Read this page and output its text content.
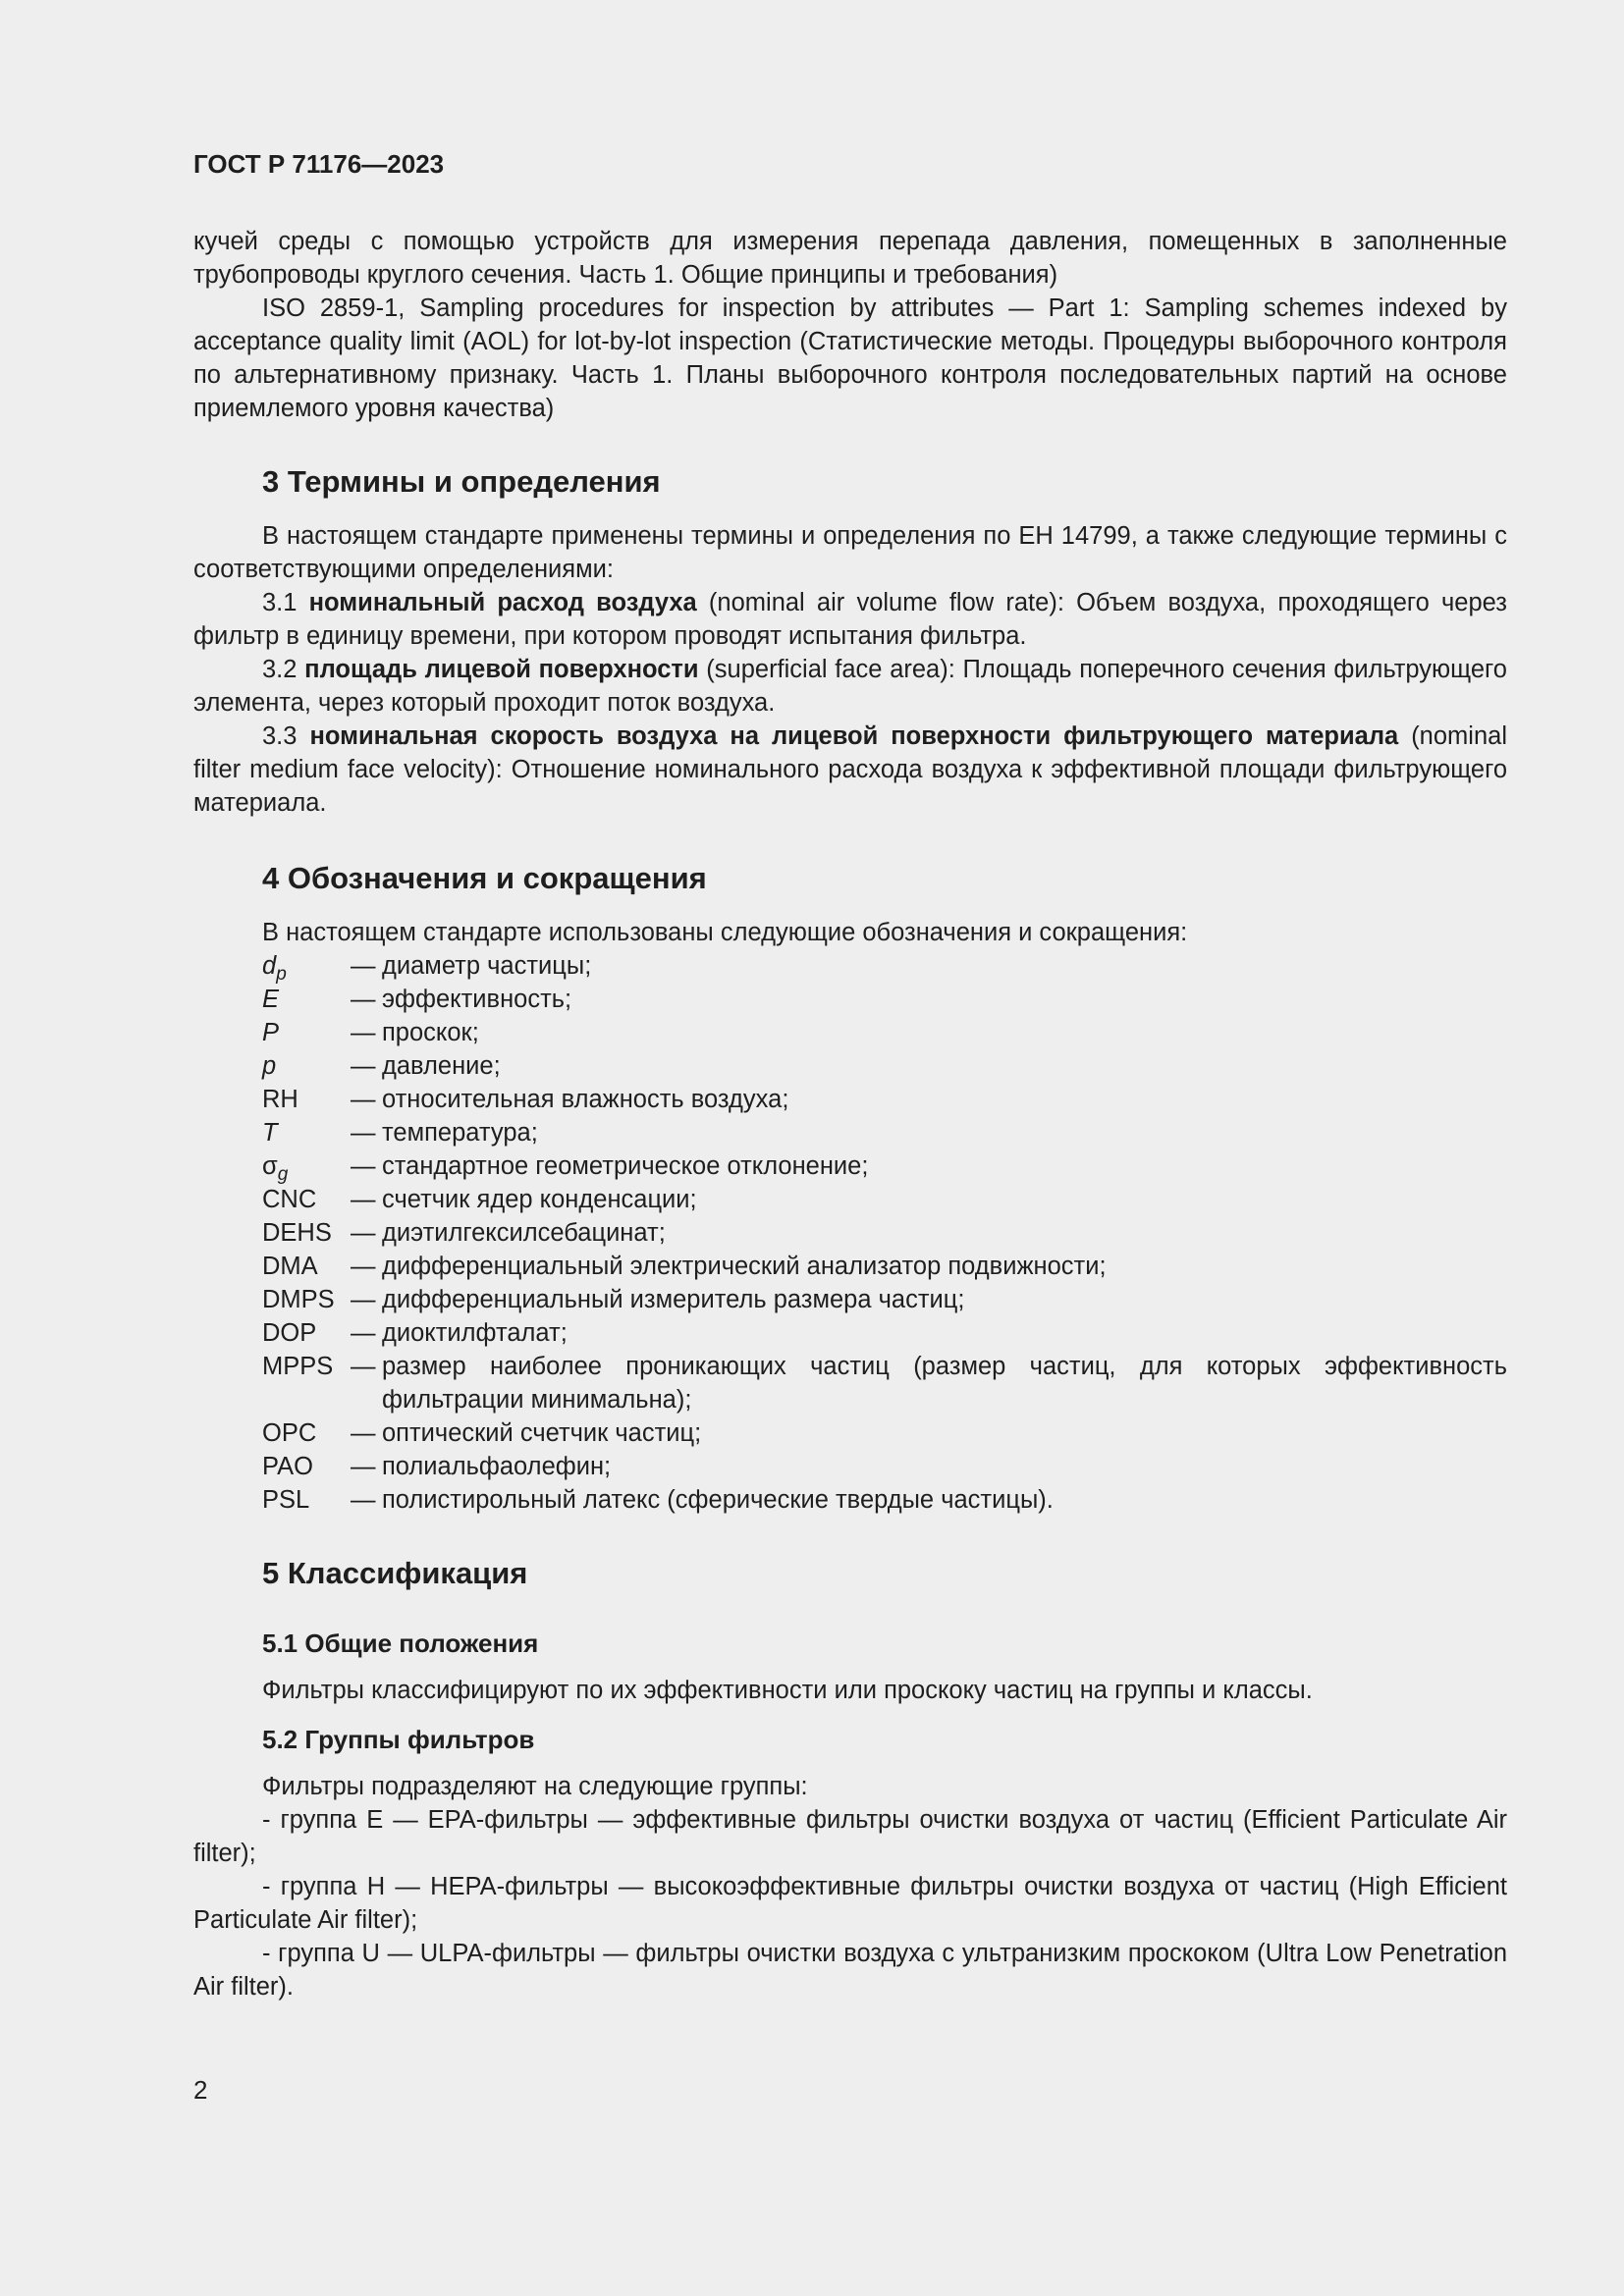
ГОСТ Р 71176—2023

кучей среды с помощью устройств для измерения перепада давления, помещенных в заполненные трубопроводы круглого сечения. Часть 1. Общие принципы и требования)

ISO 2859-1, Sampling procedures for inspection by attributes — Part 1: Sampling schemes indexed by acceptance quality limit (AOL) for lot-by-lot inspection (Статистические методы. Процедуры выборочного контроля по альтернативному признаку. Часть 1. Планы выборочного контроля последовательных партий на основе приемлемого уровня качества)

3 Термины и определения

В настоящем стандарте применены термины и определения по ЕН 14799, а также следующие термины с соответствующими определениями:

3.1 номинальный расход воздуха (nominal air volume flow rate): Объем воздуха, проходящего через фильтр в единицу времени, при котором проводят испытания фильтра.

3.2 площадь лицевой поверхности (superficial face area): Площадь поперечного сечения фильтрующего элемента, через который проходит поток воздуха.

3.3 номинальная скорость воздуха на лицевой поверхности фильтрующего материала (nominal filter medium face velocity): Отношение номинального расхода воздуха к эффективной площади фильтрующего материала.

4 Обозначения и сокращения

В настоящем стандарте использованы следующие обозначения и сокращения:

$d_p$	— диаметр частицы;
E	— эффективность;
P	— проскок;
p	— давление;
RH	— относительная влажность воздуха;
T	— температура;
$\sigma_g$	— стандартное геометрическое отклонение;
CNC	— счетчик ядер конденсации;
DEHS — диэтилгексилсебацинат;
DMA	— дифференциальный электрический анализатор подвижности;
DMPS — дифференциальный измеритель размера частиц;
DOP	— диоктилфталат;
MPPS — размер наиболее проникающих частиц (размер частиц, для которых эффективность фильтрации минимальна);
OPC	— оптический счетчик частиц;
PAO	— полиальфаолефин;
PSL	— полистирольный латекс (сферические твердые частицы).
5 Классификация
5.1 Общие положения

Фильтры классифицируют по их эффективности или проскоку частиц на группы и классы.

5.2 Группы фильтров

Фильтры подразделяют на следующие группы:

- группа E — EPA-фильтры — эффективные фильтры очистки воздуха от частиц (Efficient Particulate Air filter);

- группа H — HEPA-фильтры — высокоэффективные фильтры очистки воздуха от частиц (High Efficient Particulate Air filter);

- группа U — ULPA-фильтры — фильтры очистки воздуха с ультранизким проскоком (Ultra Low Penetration Air filter).

2
